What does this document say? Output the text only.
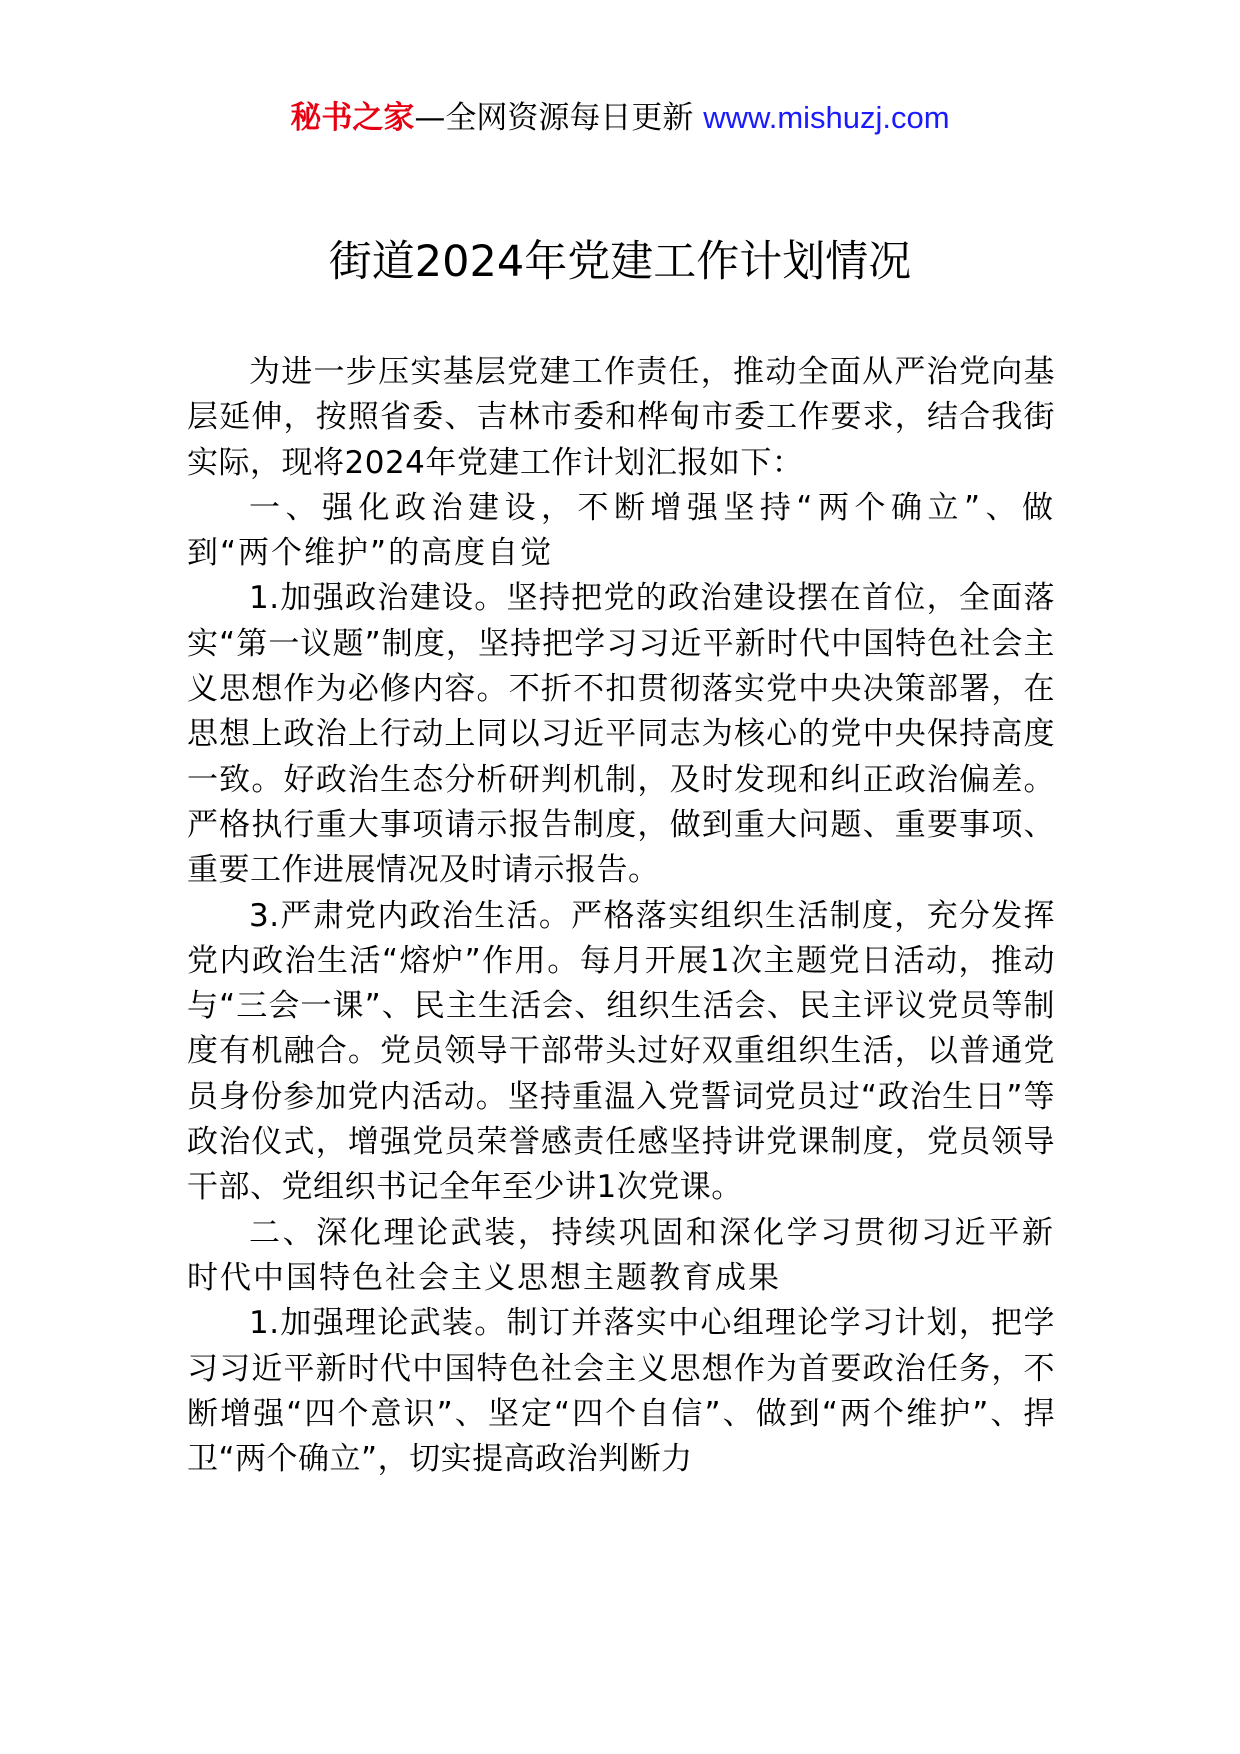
秘书之家—全网资源每日更新 www.mishuzj.com
街道2024年党建工作计划情况

为进一步压实基层党建工作责任，推动全面从严治党向基层延伸，按照省委、吉林市委和桦甸市委工作要求，结合我街实际，现将2024年党建工作计划汇报如下：

一、强化政治建设，不断增强坚持“两个确立”、做到“两个维护”的高度自觉

1.加强政治建设。坚持把党的政治建设摆在首位，全面落实“第一议题”制度，坚持把学习习近平新时代中国特色社会主义思想作为必修内容。不折不扣贯彻落实党中央决策部署，在思想上政治上行动上同以习近平同志为核心的党中央保持高度一致。好政治生态分析研判机制，及时发现和纠正政治偏差。严格执行重大事项请示报告制度，做到重大问题、重要事项、重要工作进展情况及时请示报告。

3.严肃党内政治生活。严格落实组织生活制度，充分发挥党内政治生活“熔炉”作用。每月开展1次主题党日活动，推动与“三会一课”、民主生活会、组织生活会、民主评议党员等制度有机融合。党员领导干部带头过好双重组织生活，以普通党员身份参加党内活动。坚持重温入党誓词党员过“政治生日”等政治仪式，增强党员荣誉感责任感坚持讲党课制度，党员领导干部、党组织书记全年至少讲1次党课。

二、深化理论武装，持续巩固和深化学习贯彻习近平新时代中国特色社会主义思想主题教育成果

1.加强理论武装。制订并落实中心组理论学习计划，把学习习近平新时代中国特色社会主义思想作为首要政治任务，不断增强“四个意识”、坚定“四个自信”、做到“两个维护”、捍卫“两个确立”，切实提高政治判断力
